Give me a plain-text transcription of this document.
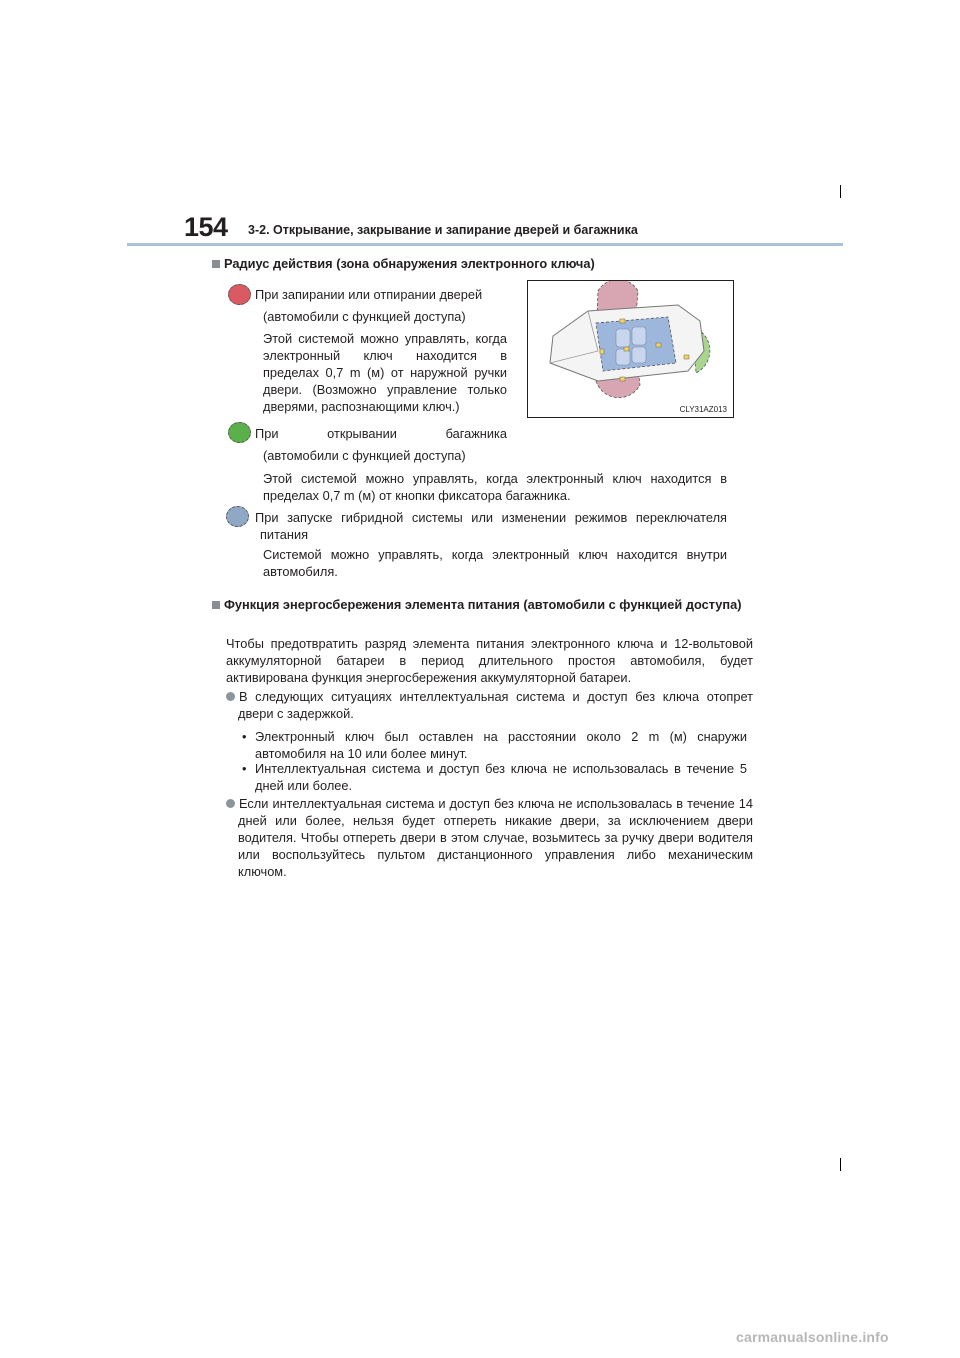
154 3-2. Открывание, закрывание и запирание дверей и багажника
Радиус действия (зона обнаружения электронного ключа)
При запирании или отпирании дверей
(автомобили с функцией доступа)
Этой системой можно управлять, когда электронный ключ находится в пределах 0,7 m (м) от наружной ручки двери. (Возможно управление только дверями, распознающими ключ.)	CLY31AZ013
При открывании багажника
(автомобили с функцией доступа)
Этой системой можно управлять, когда электронный ключ находится в пределах 0,7 m (м) от кнопки фиксатора багажника.
При запуске гибридной системы или изменении режимов переключателя питания
Системой можно управлять, когда электронный ключ находится внутри автомобиля.
Функция энергосбережения элемента питания (автомобили с функцией доступа)
Чтобы предотвратить разряд элемента питания электронного ключа и 12-вольтовой аккумуляторной батареи в период длительного простоя автомобиля, будет активирована функция энергосбережения аккумуляторной батареи.
В следующих ситуациях интеллектуальная система и доступ без ключа отопрет двери с задержкой.
• Электронный ключ был оставлен на расстоянии около 2 m (м) снаружи автомобиля на 10 или более минут.
• Интеллектуальная система и доступ без ключа не использовалась в течение 5 дней или более.
Если интеллектуальная система и доступ без ключа не использовалась в течение 14 дней или более, нельзя будет отпереть никакие двери, за исключением двери водителя. Чтобы отпереть двери в этом случае, возьмитесь за ручку двери водителя или воспользуйтесь пультом дистанционного управления либо механическим ключом.
carmanualsonline.info
